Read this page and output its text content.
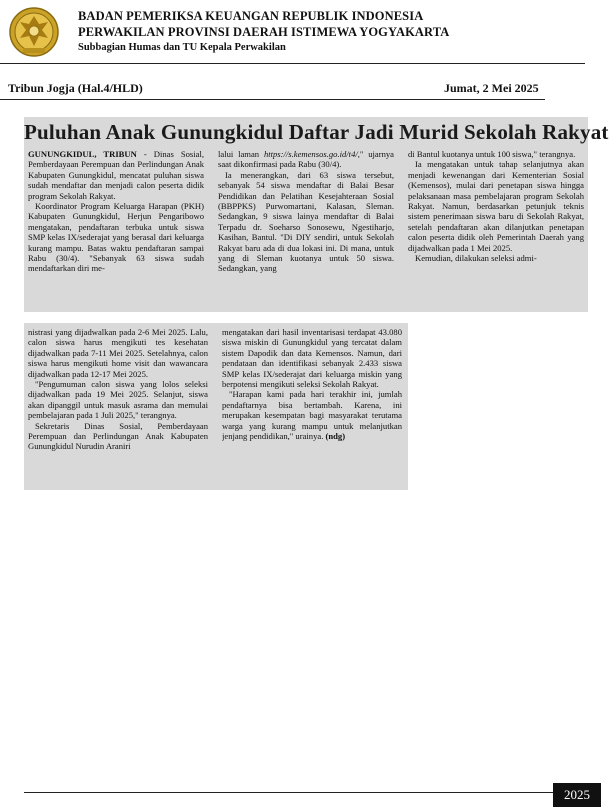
BADAN PEMERIKSA KEUANGAN REPUBLIK INDONESIA
PERWAKILAN PROVINSI DAERAH ISTIMEWA YOGYAKARTA
Subbagian Humas dan TU Kepala Perwakilan
Tribun Jogja (Hal.4/HLD)	Jumat, 2 Mei 2025
Puluhan Anak Gunungkidul Daftar Jadi Murid Sekolah Rakyat

GUNUNGKIDUL, TRIBUN - Dinas Sosial, Pemberdayaan Perempuan dan Perlindungan Anak Kabupaten Gunungkidul, mencatat puluhan siswa sudah mendaftar dan menjadi calon peserta didik program Sekolah Rakyat.

Koordinator Program Keluarga Harapan (PKH) Kabupaten Gunungkidul, Herjun Pengaribowo mengatakan, pendaftaran terbuka untuk siswa SMP kelas IX/sederajat yang berasal dari keluarga kurang mampu. Batas waktu pendaftaran sampai Rabu (30/4). "Sebanyak 63 siswa sudah mendaftarkan diri me-

lalui laman https://s.kemensos.go.id/t4/," ujarnya saat dikonfirmasi pada Rabu (30/4).

Ia menerangkan, dari 63 siswa tersebut, sebanyak 54 siswa mendaftar di Balai Besar Pendidikan dan Pelatihan Kesejahteraan Sosial (BBPPKS) Purwomartani, Kalasan, Sleman. Sedangkan, 9 siswa lainya mendaftar di Balai Terpadu dr. Soeharso Sonosewu, Ngestiharjo, Kasihan, Bantul. "Di DIY sendiri, untuk Sekolah Rakyat baru ada di dua lokasi ini. Di mana, untuk yang di Sleman kuotanya untuk 50 siswa. Sedangkan, yang

di Bantul kuotanya untuk 100 siswa," terangnya.

Ia mengatakan untuk tahap selanjutnya akan menjadi kewenangan dari Kementerian Sosial (Kemensos), mulai dari penetapan siswa hingga pelaksanaan masa pembelajaran program Sekolah Rakyat. Namun, berdasarkan petunjuk teknis sistem penerimaan siswa baru di Sekolah Rakyat, setelah pendaftaran akan dilanjutkan penetapan calon peserta didik oleh Pemerintah Daerah yang dijadwalkan pada 1 Mei 2025.

Kemudian, dilakukan seleksi admi-

nistrasi yang dijadwalkan pada 2-6 Mei 2025. Lalu, calon siswa harus mengikuti tes kesehatan dijadwalkan pada 7-11 Mei 2025. Setelahnya, calon siswa harus mengikuti home visit dan wawancara dijadwalkan pada 12-17 Mei 2025.

"Pengumuman calon siswa yang lolos seleksi dijadwalkan pada 19 Mei 2025. Selanjut, siswa akan dipanggil untuk masuk asrama dan memulai pembelajaran pada 1 Juli 2025," terangnya.

Sekretaris Dinas Sosial, Pemberdayaan Perempuan dan Perlindungan Anak Kabupaten Gunungkidul Nurudin Araniri

mengatakan dari hasil inventarisasi terdapat 43.080 siswa miskin di Gunungkidul yang tercatat dalam sistem Dapodik dan data Kemensos. Namun, dari pendataan dan identifikasi sebanyak 2.433 siswa SMP kelas IX/sederajat dari keluarga miskin yang berpotensi mengikuti seleksi Sekolah Rakyat.

"Harapan kami pada hari terakhir ini, jumlah pendaftarnya bisa bertambah. Karena, ini merupakan kesempatan bagi masyarakat terutama warga yang kurang mampu untuk melanjutkan jenjang pendidikan," urainya. (ndg)

2025
